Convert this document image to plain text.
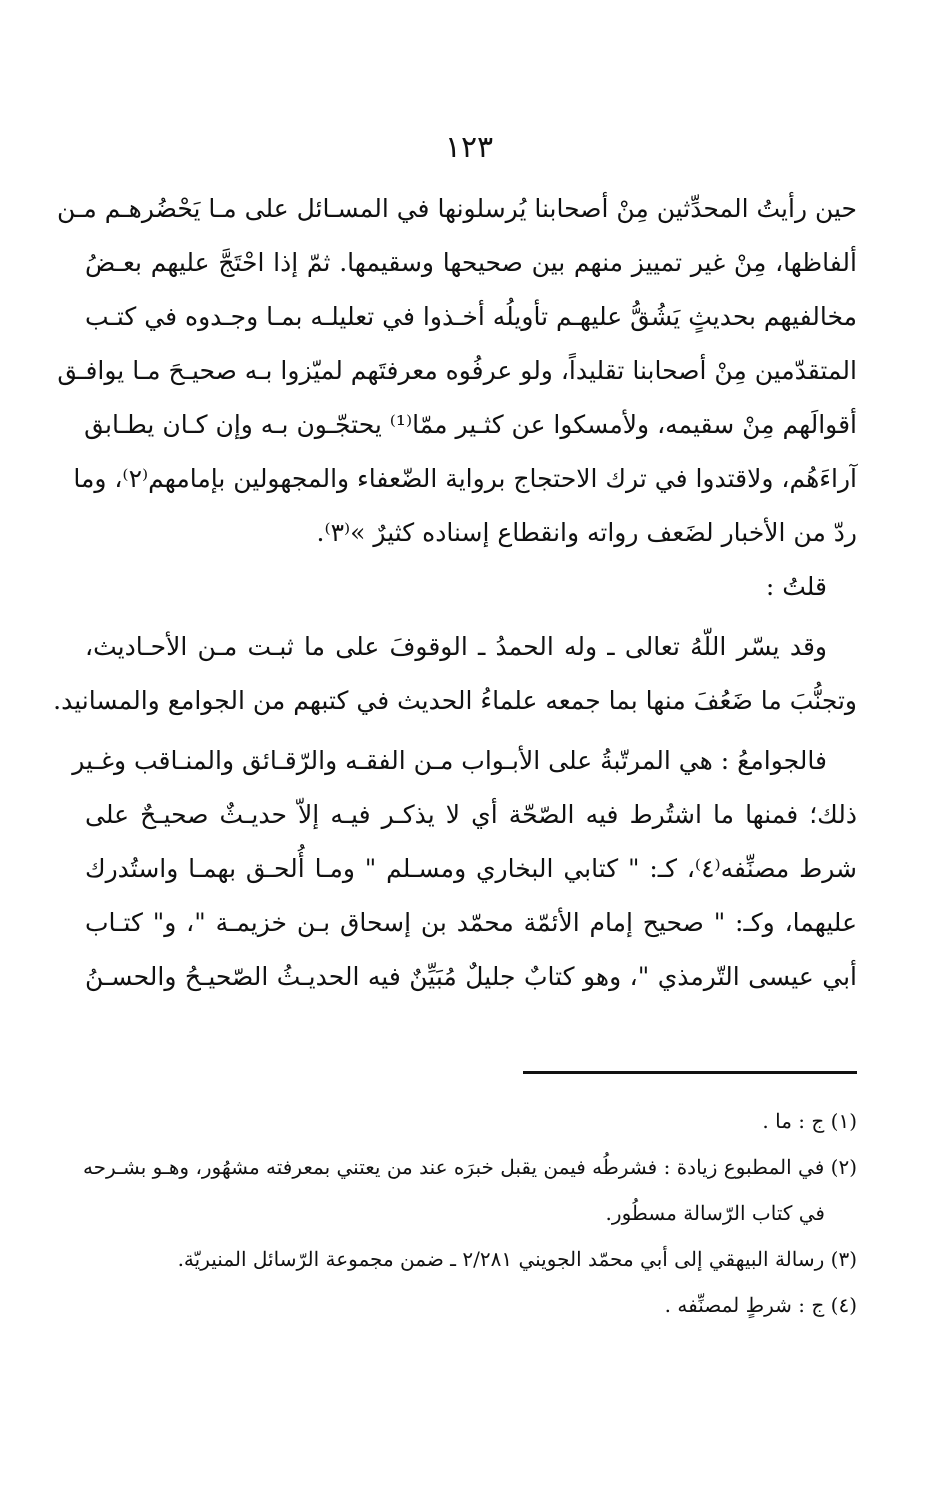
١٢٣
حين رأيتُ المحدِّثين مِنْ أصحابنا يُرسلونها في المسـائل على مـا يَحْضُرهـم مـن
ألفاظها، مِنْ غير تمييز منهم بين صحيحها وسقيمها. ثمّ إذا احْتَجَّ عليهم بعـضُ
مخالفيهم بحديثٍ يَشُقُّ عليهـم تأويلُه أخـذوا في تعليلـه بمـا وجـدوه في كتـب
المتقدّمين مِنْ أصحابنا تقليداً، ولو عرفُوه معرفتَهم لميّزوا بـه صحيـحَ مـا يوافـق
أقوالَهم مِنْ سقيمه، ولأمسكوا عن كثـير ممّا⁽¹⁾ يحتجّـون بـه وإن كـان يطـابق
آراءَهُم، ولاقتدوا في ترك الاحتجاج برواية الضّعفاء والمجهولين بإمامهم⁽٢⁾، وما
ردّ من الأخبار لضَعف رواته وانقطاع إسناده كثيرٌ »⁽٣⁾.
قلتُ :
وقد يسّر اللّهُ تعالى ـ وله الحمدُ ـ الوقوفَ على ما ثبـت مـن الأحـاديث،
وتجنُّبَ ما ضَعُفَ منها بما جمعه علماءُ الحديث في كتبهم من الجوامع والمسانيد.
فالجوامعُ : هي المرتّبةُ على الأبـواب مـن الفقـه والرّقـائق والمنـاقب وغـير
ذلك؛ فمنها ما اشتُرط فيه الصّحّة أي لا يذكـر فيـه إلاّ حديـثٌ صحيـحٌ على
شرط مصنِّفه⁽٤⁾، كـ: " كتابي البخاري ومسـلم " ومـا أُلحـق بهمـا واستُدرك
عليهما، وكـ: " صحيح إمام الأئمّة محمّد بن إسحاق بـن خزيمـة "، و" كتـاب
أبي عيسى التّرمذي "، وهو كتابٌ جليلٌ مُبَيِّنٌ فيه الحديـثُ الصّحيـحُ والحسـنُ
(١) ج : ما .
(٢) في المطبوع زيادة : فشرطُه فيمن يقبل خبرَه عند من يعتني بمعرفته مشهُور، وهـو بشـرحه
في كتاب الرّسالة مسطُور.
(٣) رسالة البيهقي إلى أبي محمّد الجويني ٢/٢٨١ ـ ضمن مجموعة الرّسائل المنيريّة.
(٤) ج : شرطٍ لمصنِّفه .
